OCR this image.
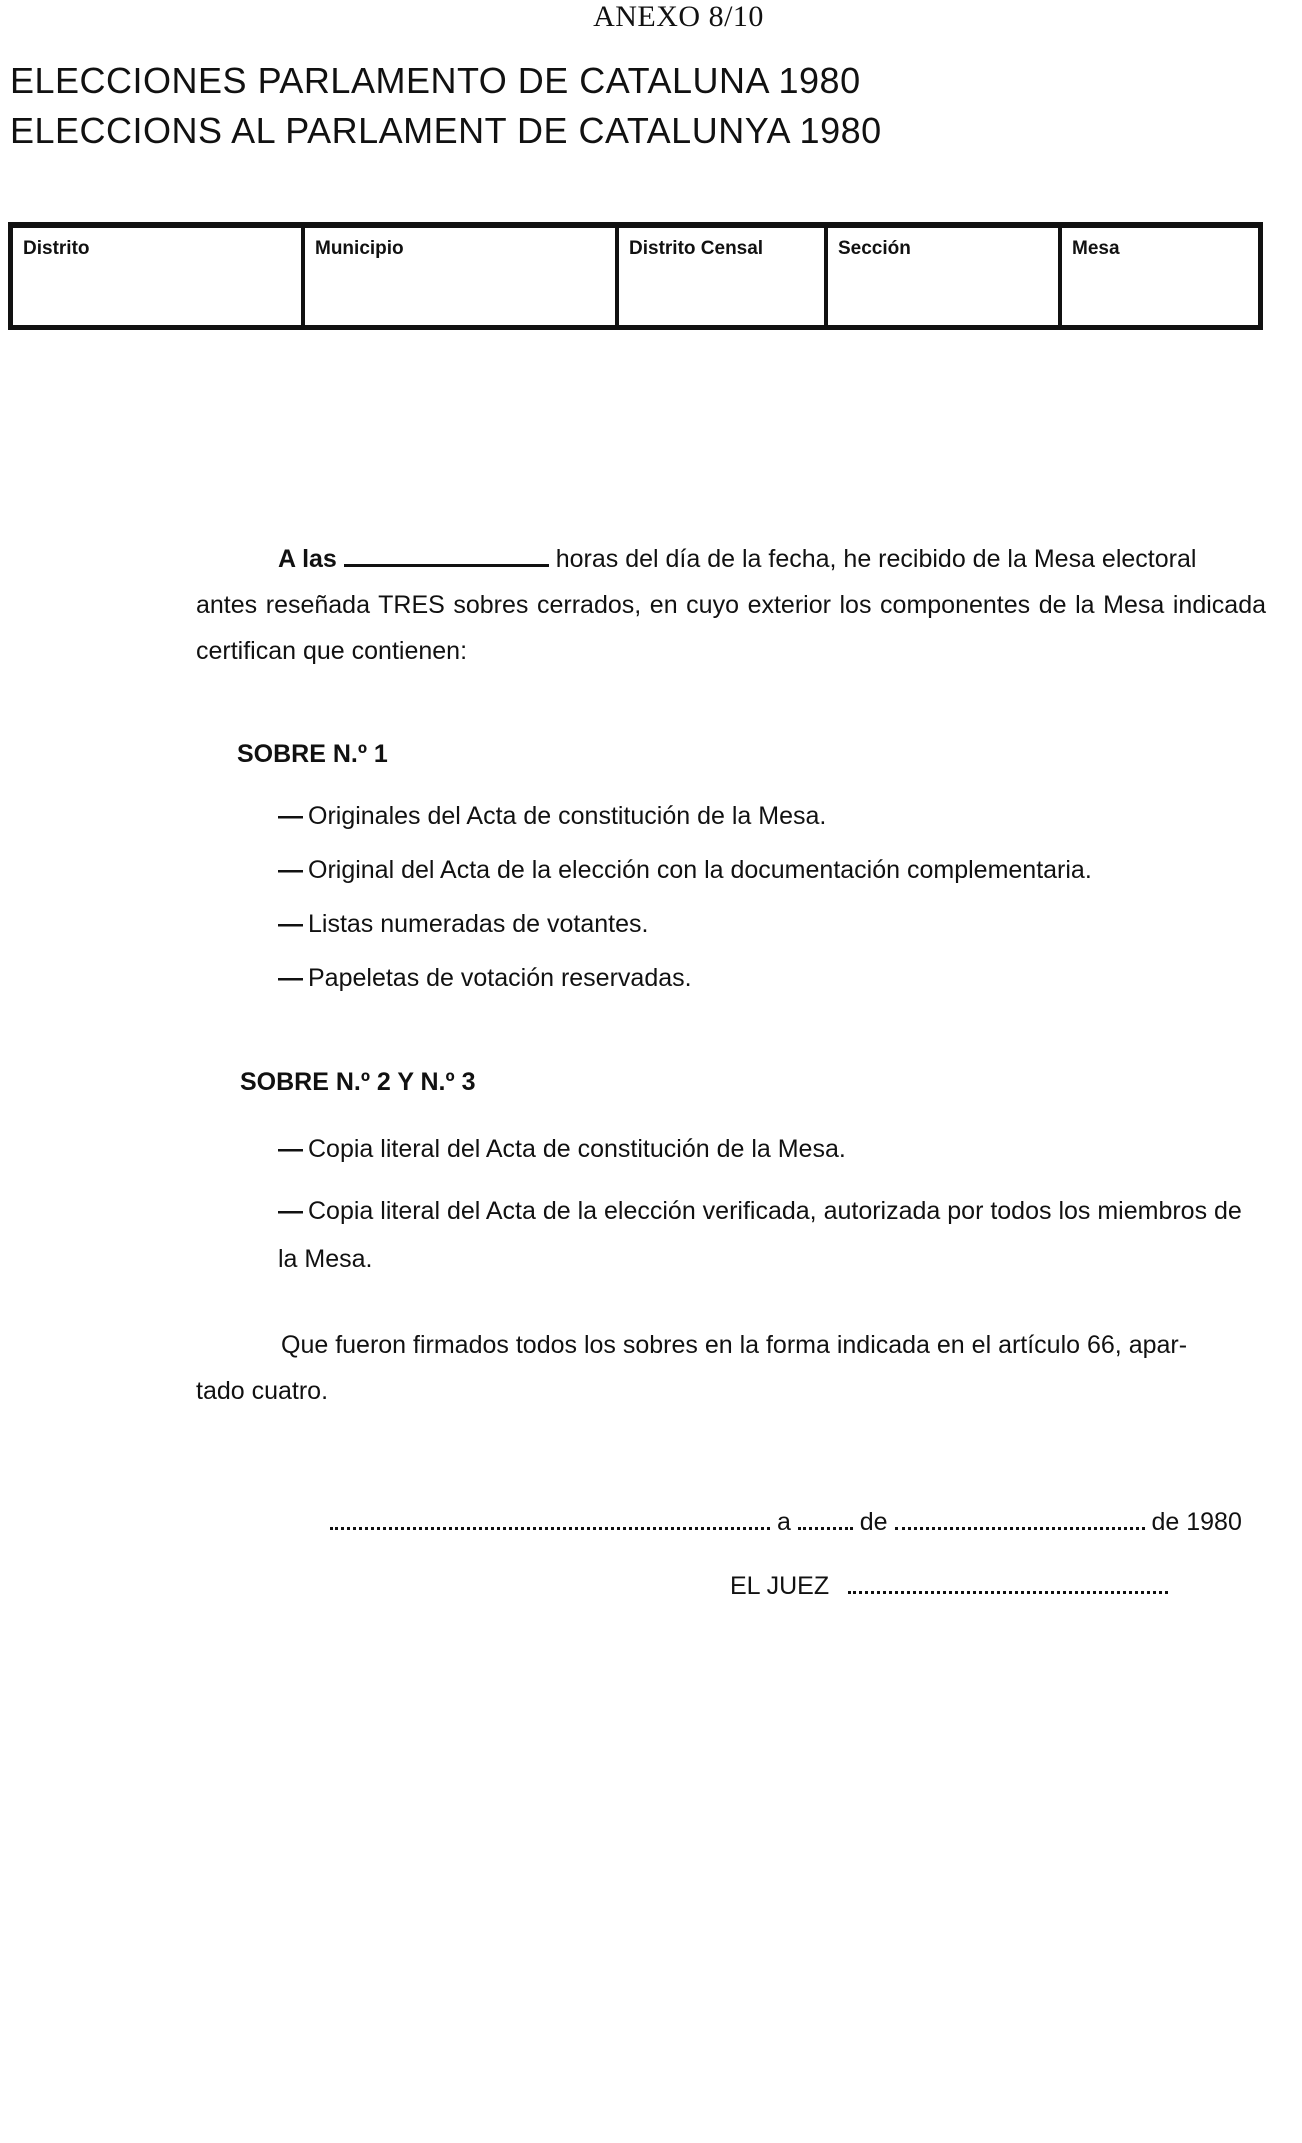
ANEXO 8/10
ELECCIONES PARLAMENTO DE CATALUNA 1980
ELECCIONS AL PARLAMENT DE CATALUNYA 1980
Distrito	Municipio	Distrito Censal	Sección	Mesa
A las	horas del día de la fecha, he recibido de la Mesa electoral
antes reseñada TRES sobres cerrados, en cuyo exterior los componentes de la Mesa indicada certifican que contienen:
SOBRE N.º 1
— Originales del Acta de constitución de la Mesa.
— Original del Acta de la elección con la documentación complementaria.
— Listas numeradas de votantes.
— Papeletas de votación reservadas.
SOBRE N.º 2 Y N.º 3
— Copia literal del Acta de constitución de la Mesa.
— Copia literal del Acta de la elección verificada, autorizada por todos los miembros de la Mesa.
Que fueron firmados todos los sobres en la forma indicada en el artículo 66, apar-
tado cuatro.
a	de	de 1980
EL JUEZ
